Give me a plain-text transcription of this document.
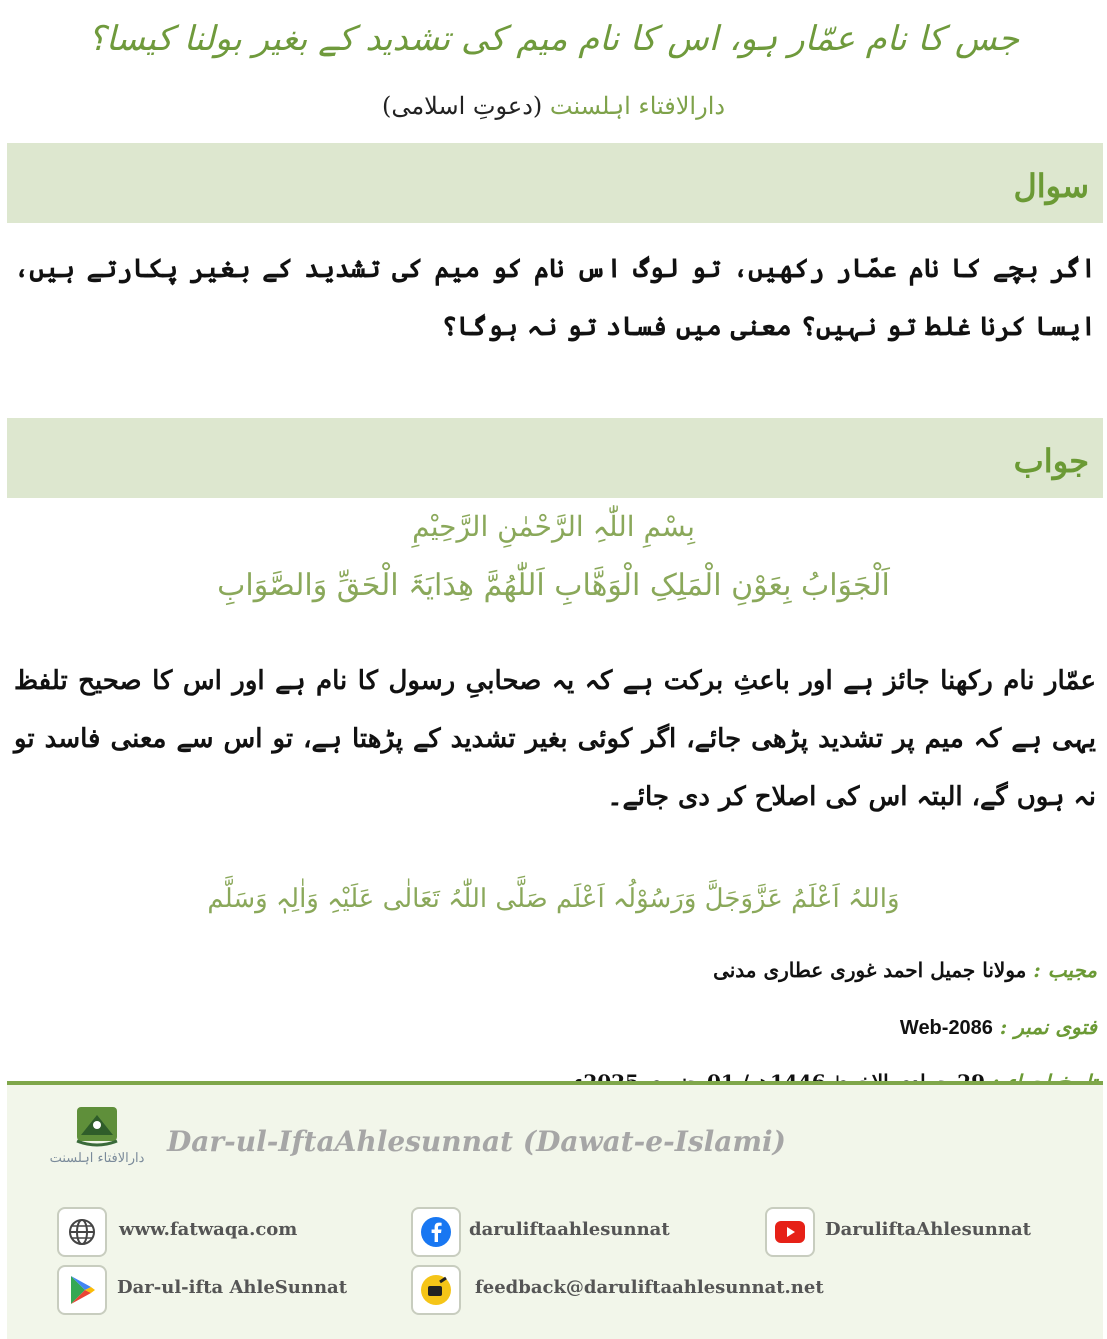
جس کا نام عمّار ہو، اس کا نام میم کی تشدید کے بغیر بولنا کیسا؟
دارالافتاء اہلسنت (دعوتِ اسلامی)
سوال
اگر بچے کا نام عمّار رکھیں، تو لوگ اس نام کو میم کی تشدید کے بغیر پکارتے ہیں، ایسا کرنا غلط تو نہیں؟ معنی میں فساد تو نہ ہوگا؟
جواب
بِسْمِ اللّٰہِ الرَّحْمٰنِ الرَّحِیْمِ
اَلْجَوَابُ بِعَوْنِ الْمَلِکِ الْوَھَّابِ اَللّٰھُمَّ ھِدَایَۃَ الْحَقِّ وَالصَّوَابِ
عمّار نام رکھنا جائز ہے اور باعثِ برکت ہے کہ یہ صحابیِ رسول کا نام ہے اور اس کا صحیح تلفظ یہی ہے کہ میم پر تشدید پڑھی جائے، اگر کوئی بغیر تشدید کے پڑھتا ہے، تو اس سے معنی فاسد تو نہ ہوں گے، البتہ اس کی اصلاح کر دی جائے۔
وَاللہُ اَعْلَمُ عَزَّوَجَلَّ وَرَسُوْلُہ اَعْلَم صَلَّی اللّٰہُ تَعَالٰی عَلَیْہِ وَاٰلِہٖ وَسَلَّم
مجیب : مولانا جمیل احمد غوری عطاری مدنی
فتوی نمبر : Web-2086
دارالافتاء اہلسنت
Dar-ul-IftaAhlesunnat (Dawat-e-Islami)
www.fatwaqa.com	daruliftaahlesunnat	DaruliftaAhlesunnat
Dar-ul-ifta AhleSunnat	feedback@daruliftaahlesunnat.net
